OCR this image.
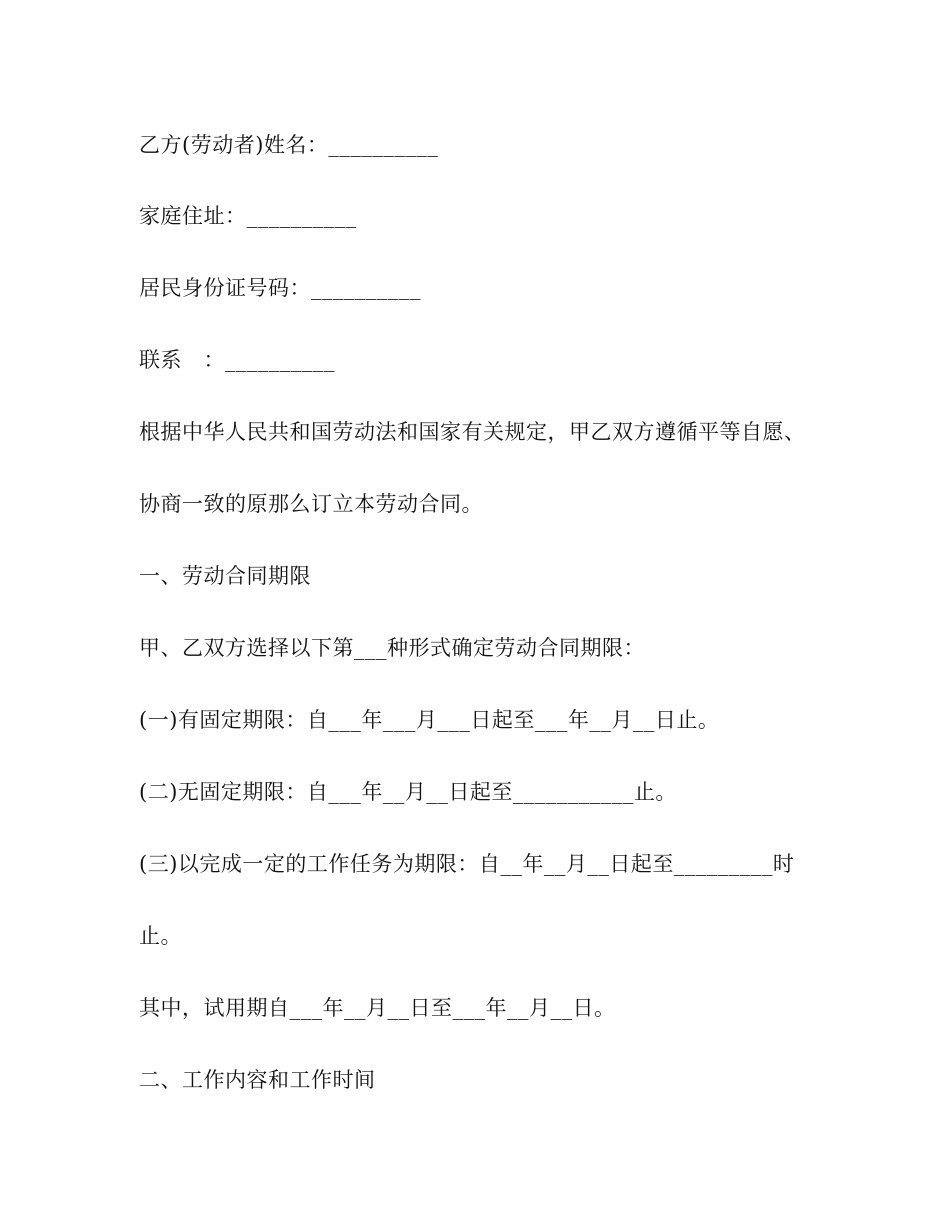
乙方(劳动者)姓名：__________
家庭住址：__________
居民身份证号码：__________
联系   ：__________
根据中华人民共和国劳动法和国家有关规定，甲乙双方遵循平等自愿、
协商一致的原那么订立本劳动合同。
一、劳动合同期限
甲、乙双方选择以下第___种形式确定劳动合同期限：
(一)有固定期限：自___年___月___日起至___年__月__日止。
(二)无固定期限：自___年__月__日起至___________止。
(三)以完成一定的工作任务为期限：自__年__月__日起至_________时
止。
其中，试用期自___年__月__日至___年__月__日。
二、工作内容和工作时间
